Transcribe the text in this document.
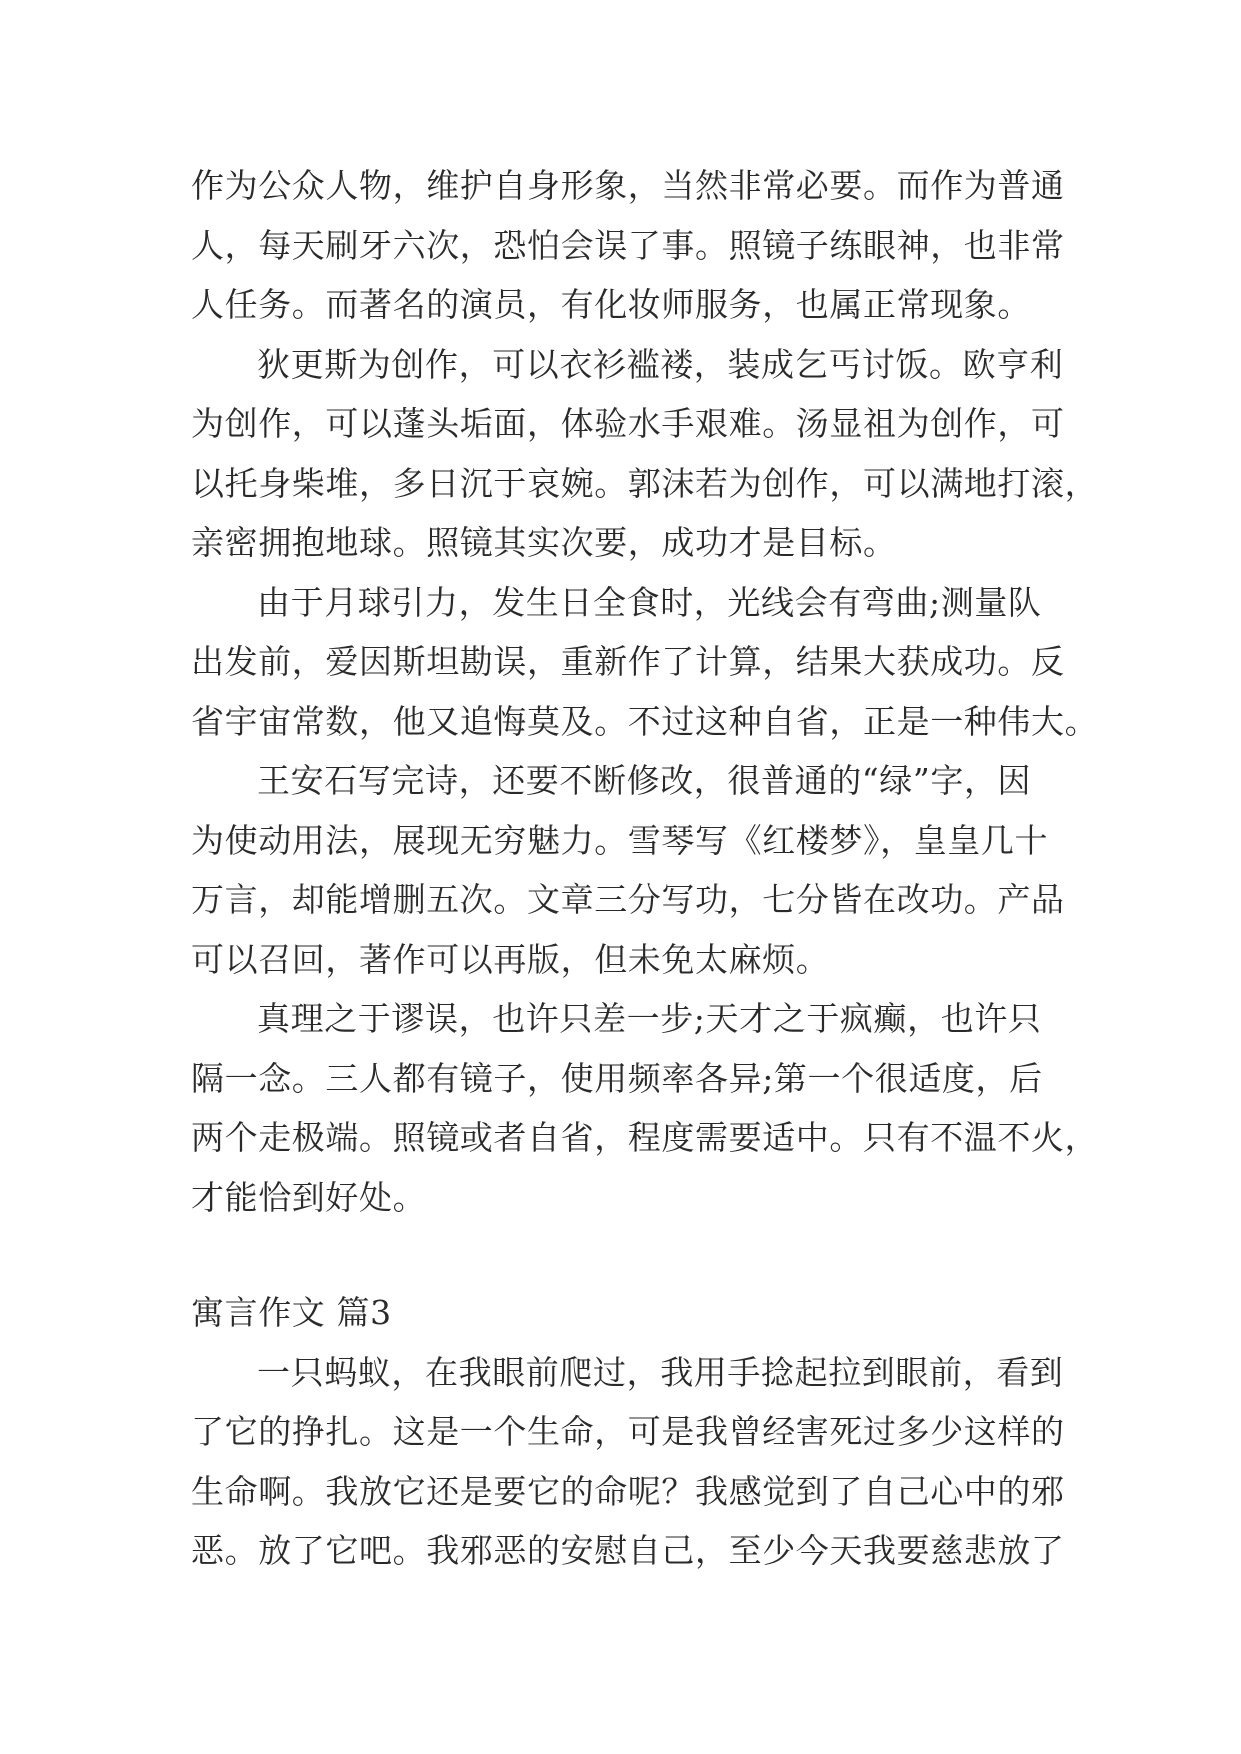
作为公众人物，维护自身形象，当然非常必要。而作为普通
人，每天刷牙六次，恐怕会误了事。照镜子练眼神，也非常
人任务。而著名的演员，有化妆师服务，也属正常现象。
狄更斯为创作，可以衣衫褴褛，装成乞丐讨饭。欧亨利
为创作，可以蓬头垢面，体验水手艰难。汤显祖为创作，可
以托身柴堆，多日沉于哀婉。郭沫若为创作，可以满地打滚，
亲密拥抱地球。照镜其实次要，成功才是目标。
由于月球引力，发生日全食时，光线会有弯曲;测量队
出发前，爱因斯坦勘误，重新作了计算，结果大获成功。反
省宇宙常数，他又追悔莫及。不过这种自省，正是一种伟大。
王安石写完诗，还要不断修改，很普通的“绿”字，因
为使动用法，展现无穷魅力。雪琴写《红楼梦》，皇皇几十
万言，却能增删五次。文章三分写功，七分皆在改功。产品
可以召回，著作可以再版，但未免太麻烦。
真理之于谬误，也许只差一步;天才之于疯癫，也许只
隔一念。三人都有镜子，使用频率各异;第一个很适度，后
两个走极端。照镜或者自省，程度需要适中。只有不温不火，
才能恰到好处。
寓言作文 篇3
一只蚂蚁，在我眼前爬过，我用手捻起拉到眼前，看到
了它的挣扎。这是一个生命，可是我曾经害死过多少这样的
生命啊。我放它还是要它的命呢？我感觉到了自己心中的邪
恶。放了它吧。我邪恶的安慰自己，至少今天我要慈悲放了
